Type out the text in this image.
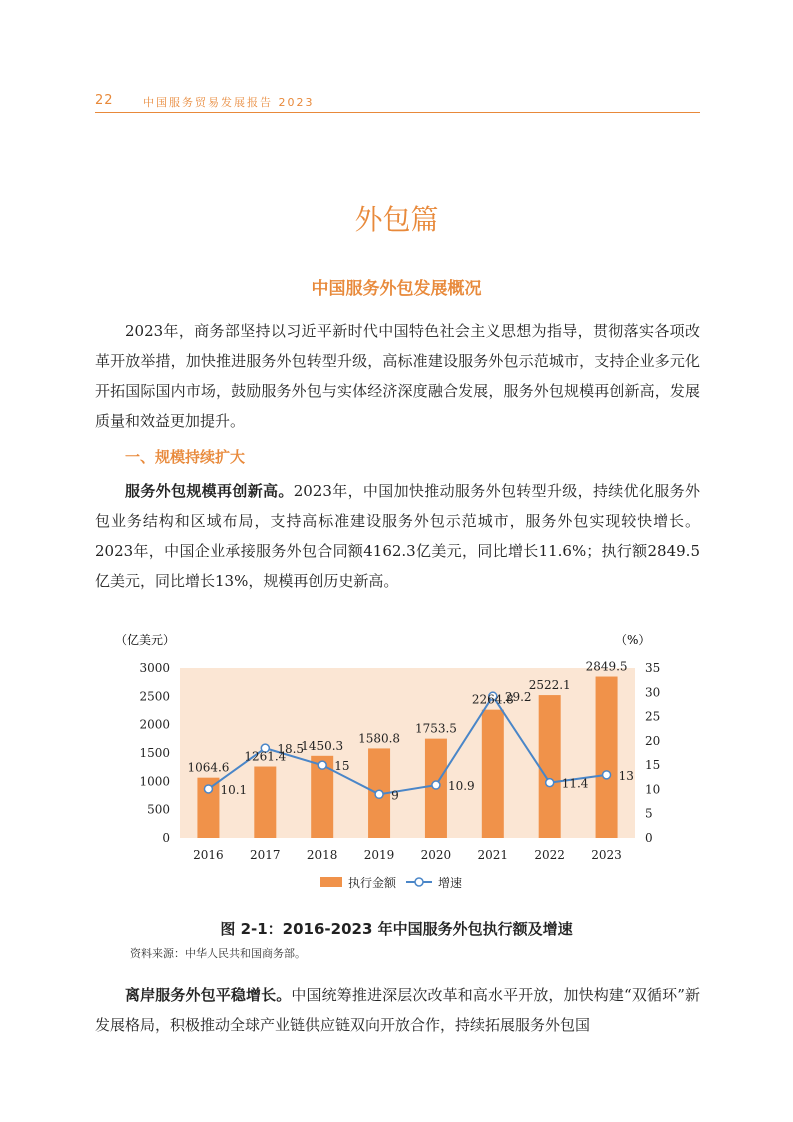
22	中国服务贸易发展报告 2023
外包篇
中国服务外包发展概况

2023年，商务部坚持以习近平新时代中国特色社会主义思想为指导，贯彻落实各项改革开放举措，加快推进服务外包转型升级，高标准建设服务外包示范城市，支持企业多元化开拓国际国内市场，鼓励服务外包与实体经济深度融合发展，服务外包规模再创新高，发展质量和效益更加提升。

一、规模持续扩大

服务外包规模再创新高。2023年，中国加快推动服务外包转型升级，持续优化服务外包业务结构和区域布局，支持高标准建设服务外包示范城市，服务外包实现较快增长。2023年，中国企业承接服务外包合同额4162.3亿美元，同比增长11.6%；执行额2849.5亿美元，同比增长13%，规模再创历史新高。

（亿美元）	（%）
1064.6
1261.4
1450.3
1580.8
1753.5
2264.8
2522.1
2849.5
10.1
18.5
15
9
10.9
29.2
11.4
13
2016 2017 2018 2019 2020 2021 2022 2023
0
500
1000
1500
2000
2500
3000
0
5
10
15
20
25
30
35
执行金额	增速
图 2-1：2016-2023 年中国服务外包执行额及增速
资料来源：中华人民共和国商务部。

离岸服务外包平稳增长。中国统筹推进深层次改革和高水平开放，加快构建“双循环”新发展格局，积极推动全球产业链供应链双向开放合作，持续拓展服务外包国
